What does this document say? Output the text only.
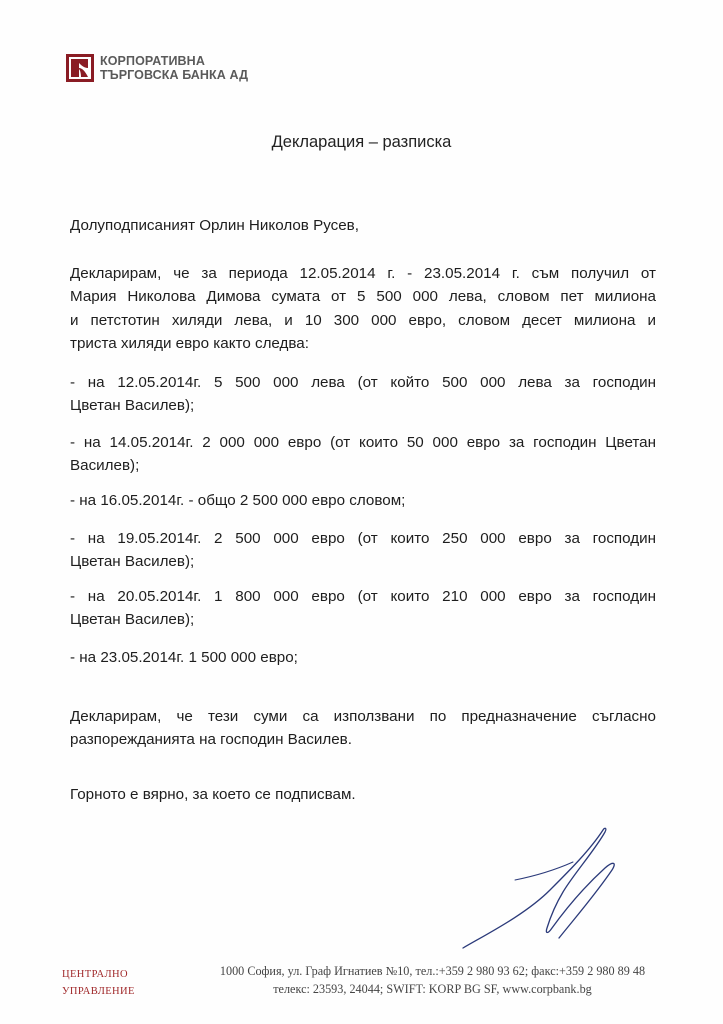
КОРПОРАТИВНА
ТЪРГОВСКА БАНКА АД
Декларация – разписка
Долуподписаният Орлин Николов Русев,
Декларирам, че за периода 12.05.2014 г. - 23.05.2014 г. съм получил от
Мария Николова Димова сумата от 5 500 000 лева, словом пет милиона
и петстотин хиляди лева, и 10 300 000 евро, словом десет милиона и
триста хиляди евро както следва:
- на 12.05.2014г. 5 500 000 лева (от който 500 000 лева за господин
Цветан Василев);
- на 14.05.2014г. 2 000 000 евро (от които 50 000 евро за господин Цветан
Василев);
- на 16.05.2014г. - общо 2 500 000 евро словом;
- на 19.05.2014г. 2 500 000 евро (от които 250 000 евро за господин
Цветан Василев);
- на 20.05.2014г. 1 800 000 евро (от които 210 000 евро за господин
Цветан Василев);
- на 23.05.2014г. 1 500 000 евро;
Декларирам, че тези суми са използвани по предназначение съгласно
разпорежданията на господин Василев.
Горното е вярно, за което се подписвам.
ЦЕНТРАЛНО
УПРАВЛЕНИЕ
1000 София, ул. Граф Игнатиев №10, тел.:+359 2 980 93 62; факс:+359 2 980 89 48
телекс: 23593, 24044; SWIFT: KORP BG SF, www.corpbank.bg
